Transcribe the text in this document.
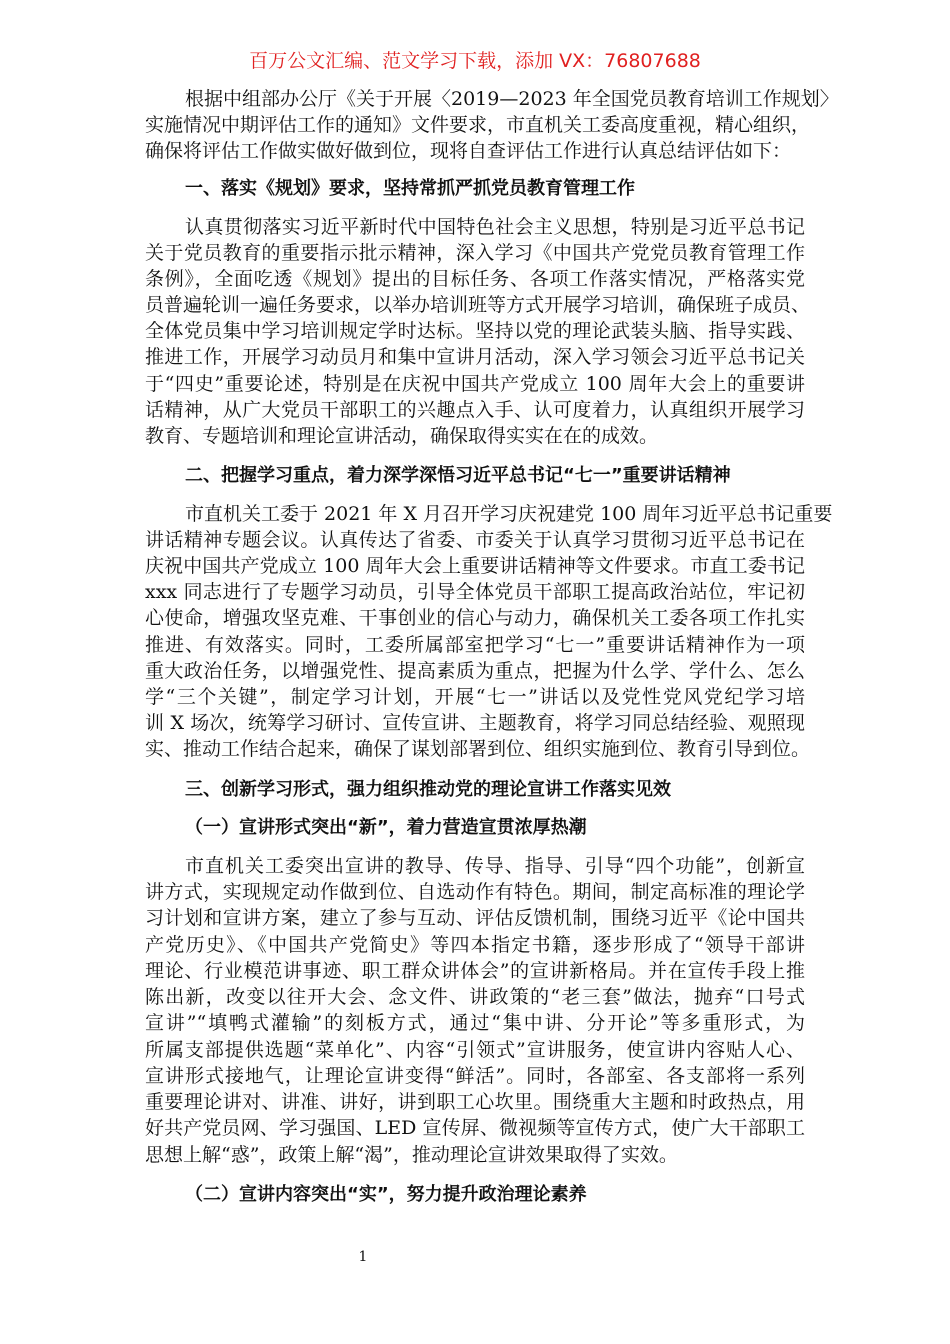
百万公文汇编、范文学习下载，添加 VX：76807688
根据中组部办公厅《关于开展〈2019—2023 年全国党员教育培训工作规划〉
实施情况中期评估工作的通知》文件要求，市直机关工委高度重视，精心组织，
确保将评估工作做实做好做到位，现将自查评估工作进行认真总结评估如下：
一、落实《规划》要求，坚持常抓严抓党员教育管理工作
认真贯彻落实习近平新时代中国特色社会主义思想，特别是习近平总书记
关于党员教育的重要指示批示精神，深入学习《中国共产党党员教育管理工作
条例》，全面吃透《规划》提出的目标任务、各项工作落实情况，严格落实党
员普遍轮训一遍任务要求，以举办培训班等方式开展学习培训，确保班子成员、
全体党员集中学习培训规定学时达标。坚持以党的理论武装头脑、指导实践、
推进工作，开展学习动员月和集中宣讲月活动，深入学习领会习近平总书记关
于“四史”重要论述，特别是在庆祝中国共产党成立 100 周年大会上的重要讲
话精神，从广大党员干部职工的兴趣点入手、认可度着力，认真组织开展学习
教育、专题培训和理论宣讲活动，确保取得实实在在的成效。
二、把握学习重点，着力深学深悟习近平总书记“七一”重要讲话精神
市直机关工委于 2021 年 X 月召开学习庆祝建党 100 周年习近平总书记重要
讲话精神专题会议。认真传达了省委、市委关于认真学习贯彻习近平总书记在
庆祝中国共产党成立 100 周年大会上重要讲话精神等文件要求。市直工委书记
xxx 同志进行了专题学习动员，引导全体党员干部职工提高政治站位，牢记初
心使命，增强攻坚克难、干事创业的信心与动力，确保机关工委各项工作扎实
推进、有效落实。同时，工委所属部室把学习“七一”重要讲话精神作为一项
重大政治任务，以增强党性、提高素质为重点，把握为什么学、学什么、怎么
学“三个关键”，制定学习计划，开展“七一”讲话以及党性党风党纪学习培
训 X 场次，统筹学习研讨、宣传宣讲、主题教育，将学习同总结经验、观照现
实、推动工作结合起来，确保了谋划部署到位、组织实施到位、教育引导到位。
三、创新学习形式，强力组织推动党的理论宣讲工作落实见效
（一）宣讲形式突出“新”，着力营造宣贯浓厚热潮
市直机关工委突出宣讲的教导、传导、指导、引导“四个功能”，创新宣
讲方式，实现规定动作做到位、自选动作有特色。期间，制定高标准的理论学
习计划和宣讲方案，建立了参与互动、评估反馈机制，围绕习近平《论中国共
产党历史》、《中国共产党简史》等四本指定书籍，逐步形成了“领导干部讲
理论、行业模范讲事迹、职工群众讲体会”的宣讲新格局。并在宣传手段上推
陈出新，改变以往开大会、念文件、讲政策的“老三套”做法，抛弃“口号式
宣讲”“填鸭式灌输”的刻板方式，通过“集中讲、分开论”等多重形式，为
所属支部提供选题“菜单化”、内容“引领式”宣讲服务，使宣讲内容贴人心、
宣讲形式接地气，让理论宣讲变得“鲜活”。同时，各部室、各支部将一系列
重要理论讲对、讲准、讲好，讲到职工心坎里。围绕重大主题和时政热点，用
好共产党员网、学习强国、LED 宣传屏、微视频等宣传方式，使广大干部职工
思想上解“惑”，政策上解“渴”，推动理论宣讲效果取得了实效。
（二）宣讲内容突出“实”，努力提升政治理论素养
1
